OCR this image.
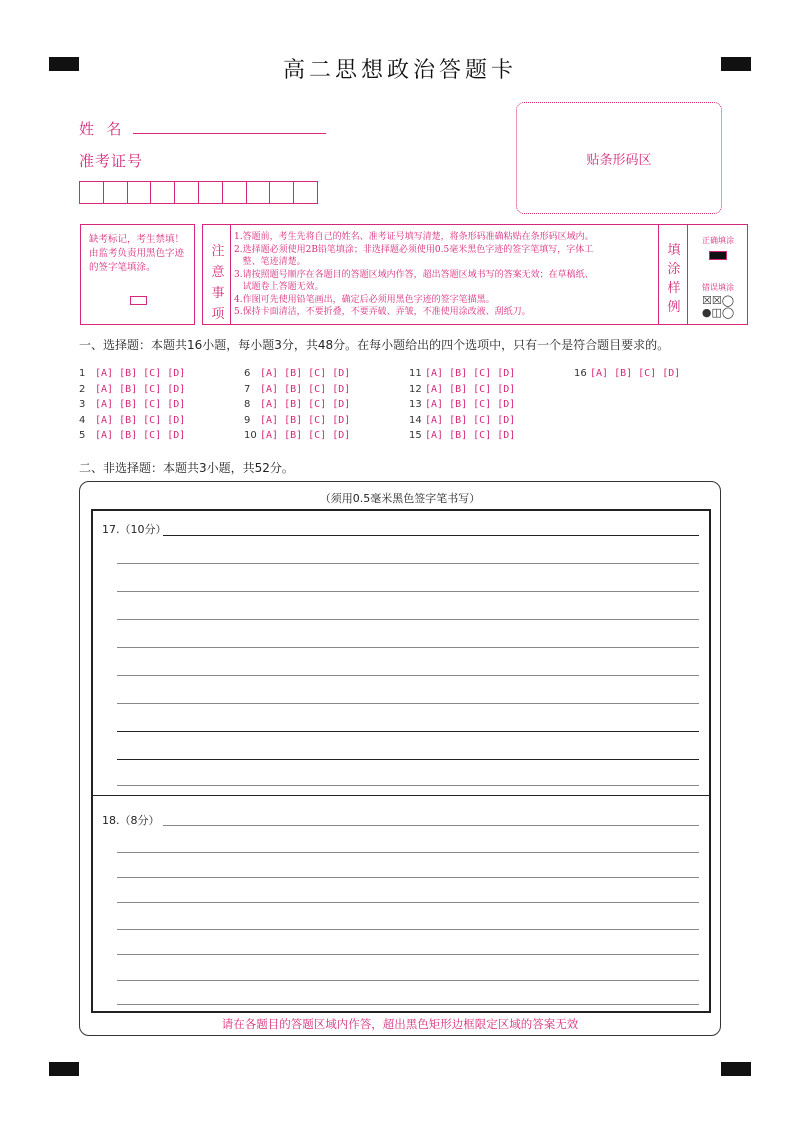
高二思想政治答题卡
姓  名
准考证号	贴条形码区
缺考标记，考生禁填！由监考负责用黑色字迹的签字笔填涂。
注意事项
1.答题前，考生先将自己的姓名、准考证号填写清楚，将条形码准确粘贴在条形码区域内。
2.选择题必须使用2B铅笔填涂；非选择题必须使用0.5毫米黑色字迹的签字笔填写，字体工
整、笔迹清楚。
3.请按照题号顺序在各题目的答题区域内作答，超出答题区域书写的答案无效；在草稿纸、
试题卷上答题无效。
4.作图可先使用铅笔画出，确定后必须用黑色字迹的签字笔描黑。
5.保持卡面清洁，不要折叠，不要弄破、弄皱，不准使用涂改液、刮纸刀。
填涂样例
正确填涂
错误填涂
☒☒◯
●◫◯
一、选择题：本题共16小题，每小题3分，共48分。在每小题给出的四个选项中，只有一个是符合题目要求的。
1 [A] [B] [C] [D]
2 [A] [B] [C] [D]
3 [A] [B] [C] [D]
4 [A] [B] [C] [D]
5 [A] [B] [C] [D]
6 [A] [B] [C] [D]
7 [A] [B] [C] [D]
8 [A] [B] [C] [D]
9 [A] [B] [C] [D]
10 [A] [B] [C] [D]
11 [A] [B] [C] [D]
12 [A] [B] [C] [D]
13 [A] [B] [C] [D]
14 [A] [B] [C] [D]
15 [A] [B] [C] [D]
16 [A] [B] [C] [D]
二、非选择题：本题共3小题，共52分。
（须用0.5毫米黑色签字笔书写）
17.（10分）
18.（8分）
请在各题目的答题区域内作答，超出黑色矩形边框限定区域的答案无效
